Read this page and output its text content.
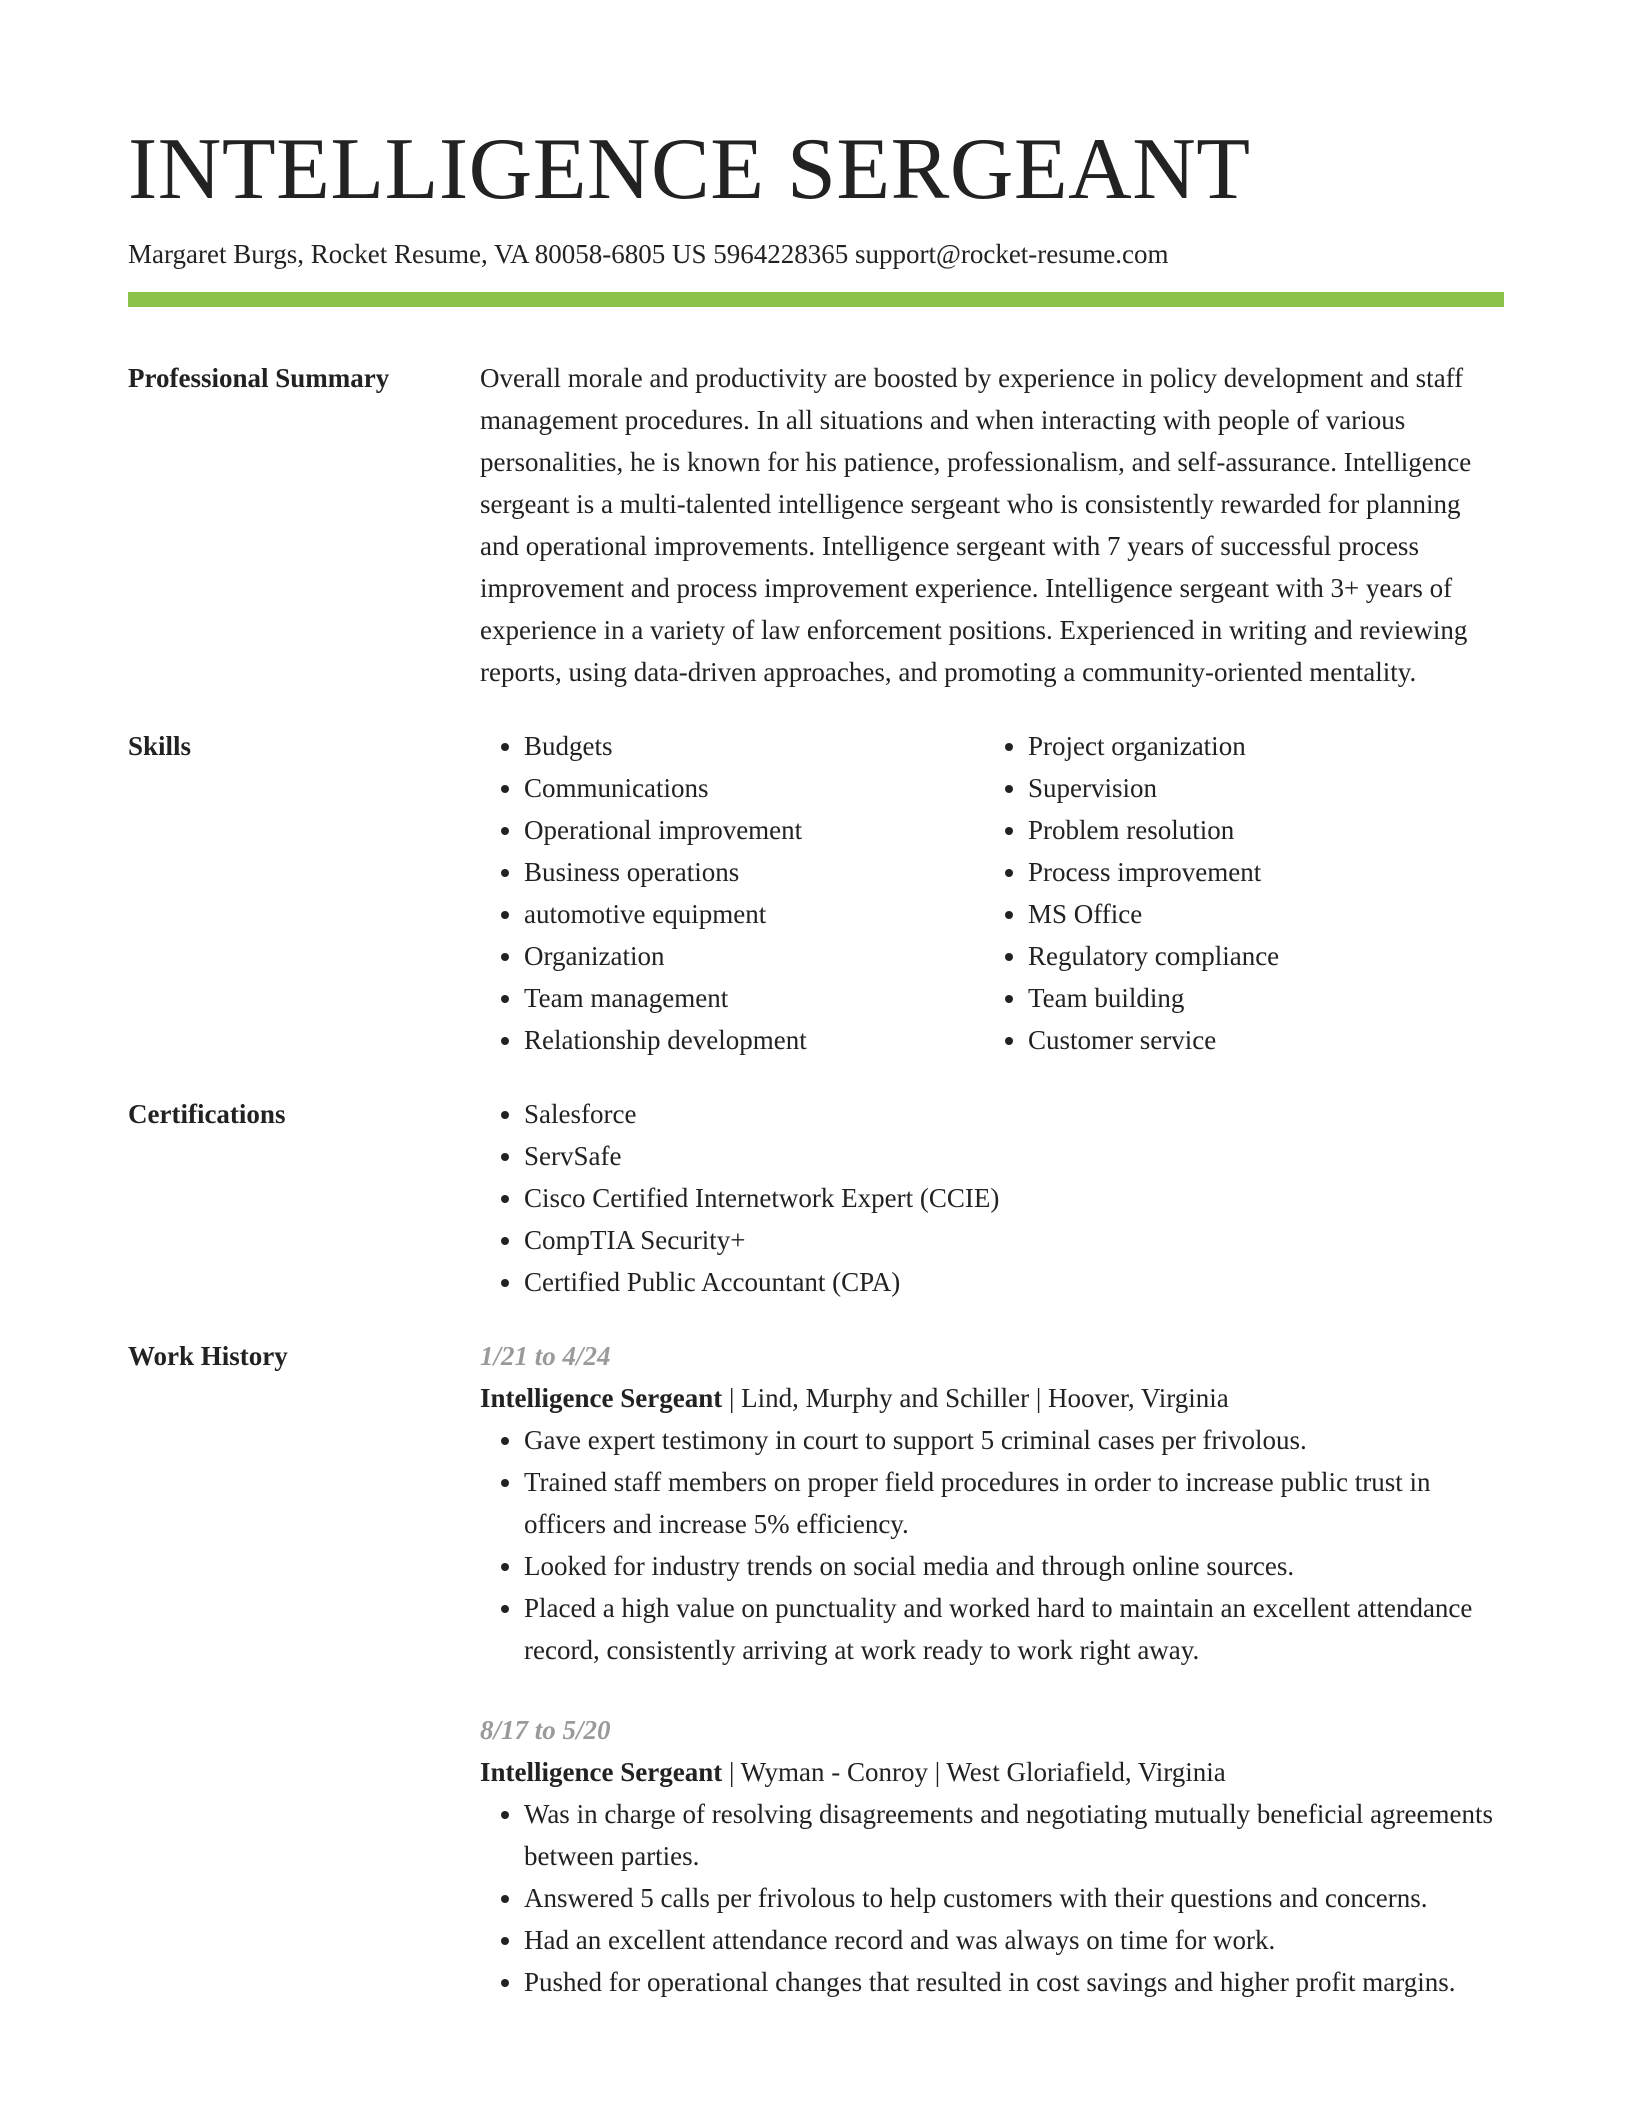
INTELLIGENCE SERGEANT
Margaret Burgs, Rocket Resume, VA 80058-6805 US 5964228365 support@rocket-resume.com
Professional Summary	Overall morale and productivity are boosted by experience in policy development and staff management procedures. In all situations and when interacting with people of various personalities, he is known for his patience, professionalism, and self-assurance. Intelligence sergeant is a multi-talented intelligence sergeant who is consistently rewarded for planning and operational improvements. Intelligence sergeant with 7 years of successful process improvement and process improvement experience. Intelligence sergeant with 3+ years of experience in a variety of law enforcement positions. Experienced in writing and reviewing reports, using data-driven approaches, and promoting a community-oriented mentality.

Skills	• Budgets
• Communications
• Operational improvement
• Business operations
• automotive equipment
• Organization
• Team management
• Relationship development
• Project organization
• Supervision
• Problem resolution
• Process improvement
• MS Office
• Regulatory compliance
• Team building
• Customer service
Certifications	• Salesforce
• ServSafe
• Cisco Certified Internetwork Expert (CCIE)
• CompTIA Security+
• Certified Public Accountant (CPA)
Work History	1/21 to 4/24
Intelligence Sergeant | Lind, Murphy and Schiller | Hoover, Virginia
• Gave expert testimony in court to support 5 criminal cases per frivolous.
• Trained staff members on proper field procedures in order to increase public trust in officers and increase 5% efficiency.
• Looked for industry trends on social media and through online sources.
• Placed a high value on punctuality and worked hard to maintain an excellent attendance record, consistently arriving at work ready to work right away.
8/17 to 5/20
Intelligence Sergeant | Wyman - Conroy | West Gloriafield, Virginia
• Was in charge of resolving disagreements and negotiating mutually beneficial agreements between parties.
• Answered 5 calls per frivolous to help customers with their questions and concerns.
• Had an excellent attendance record and was always on time for work.
• Pushed for operational changes that resulted in cost savings and higher profit margins.
